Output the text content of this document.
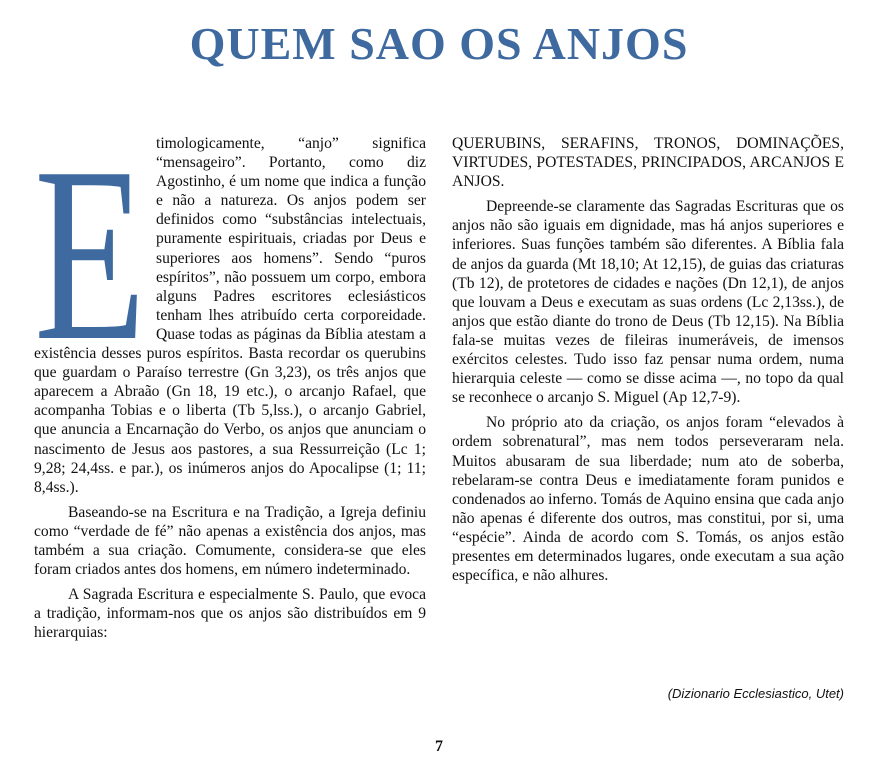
QUEM SAO OS ANJOS
E timologicamente, “anjo” significa “mensageiro”. Portanto, como diz Agostinho, é um nome que indica a função e não a natureza. Os anjos podem ser definidos como “substâncias intelectuais, puramente espirituais, criadas por Deus e superiores aos homens”. Sendo “puros espíritos”, não possuem um corpo, embora alguns Padres escritores eclesiásticos tenham lhes atribuído certa corporeidade. Quase todas as páginas da Bíblia atestam a existência desses puros espíritos. Basta recordar os querubins que guardam o Paraíso terrestre (Gn 3,23), os três anjos que aparecem a Abraão (Gn 18, 19 etc.), o arcanjo Rafael, que acompanha Tobias e o liberta (Tb 5,lss.), o arcanjo Gabriel, que anuncia a Encarnação do Verbo, os anjos que anunciam o nascimento de Jesus aos pastores, a sua Ressurreição (Lc 1; 9,28; 24,4ss. e par.), os inúmeros anjos do Apocalipse (1; 11; 8,4ss.).

Baseando-se na Escritura e na Tradição, a Igreja definiu como “verdade de fé” não apenas a existência dos anjos, mas também a sua criação. Comumente, considera-se que eles foram criados antes dos homens, em número indeterminado.

A Sagrada Escritura e especialmente S. Paulo, que evoca a tradição, informam-nos que os anjos são distribuídos em 9 hierarquias:

QUERUBINS, SERAFINS, TRONOS, DOMINAÇÕES, VIRTUDES, POTESTADES, PRINCIPADOS, ARCANJOS E ANJOS.

Depreende-se claramente das Sagradas Escrituras que os anjos não são iguais em dignidade, mas há anjos superiores e inferiores. Suas funções também são diferentes. A Bíblia fala de anjos da guarda (Mt 18,10; At 12,15), de guias das criaturas (Tb 12), de protetores de cidades e nações (Dn 12,1), de anjos que louvam a Deus e executam as suas ordens (Lc 2,13ss.), de anjos que estão diante do trono de Deus (Tb 12,15). Na Bíblia fala-se muitas vezes de fileiras inumeráveis, de imensos exércitos celestes. Tudo isso faz pensar numa ordem, numa hierarquia celeste — como se disse acima —, no topo da qual se reconhece o arcanjo S. Miguel (Ap 12,7-9).

No próprio ato da criação, os anjos foram “elevados à ordem sobrenatural”, mas nem todos perseveraram nela. Muitos abusaram de sua liberdade; num ato de soberba, rebelaram-se contra Deus e imediatamente foram punidos e condenados ao inferno. Tomás de Aquino ensina que cada anjo não apenas é diferente dos outros, mas constitui, por si, uma “espécie”. Ainda de acordo com S. Tomás, os anjos estão presentes em determinados lugares, onde executam a sua ação específica, e não alhures.

(Dizionario Ecclesiastico, Utet)
7
